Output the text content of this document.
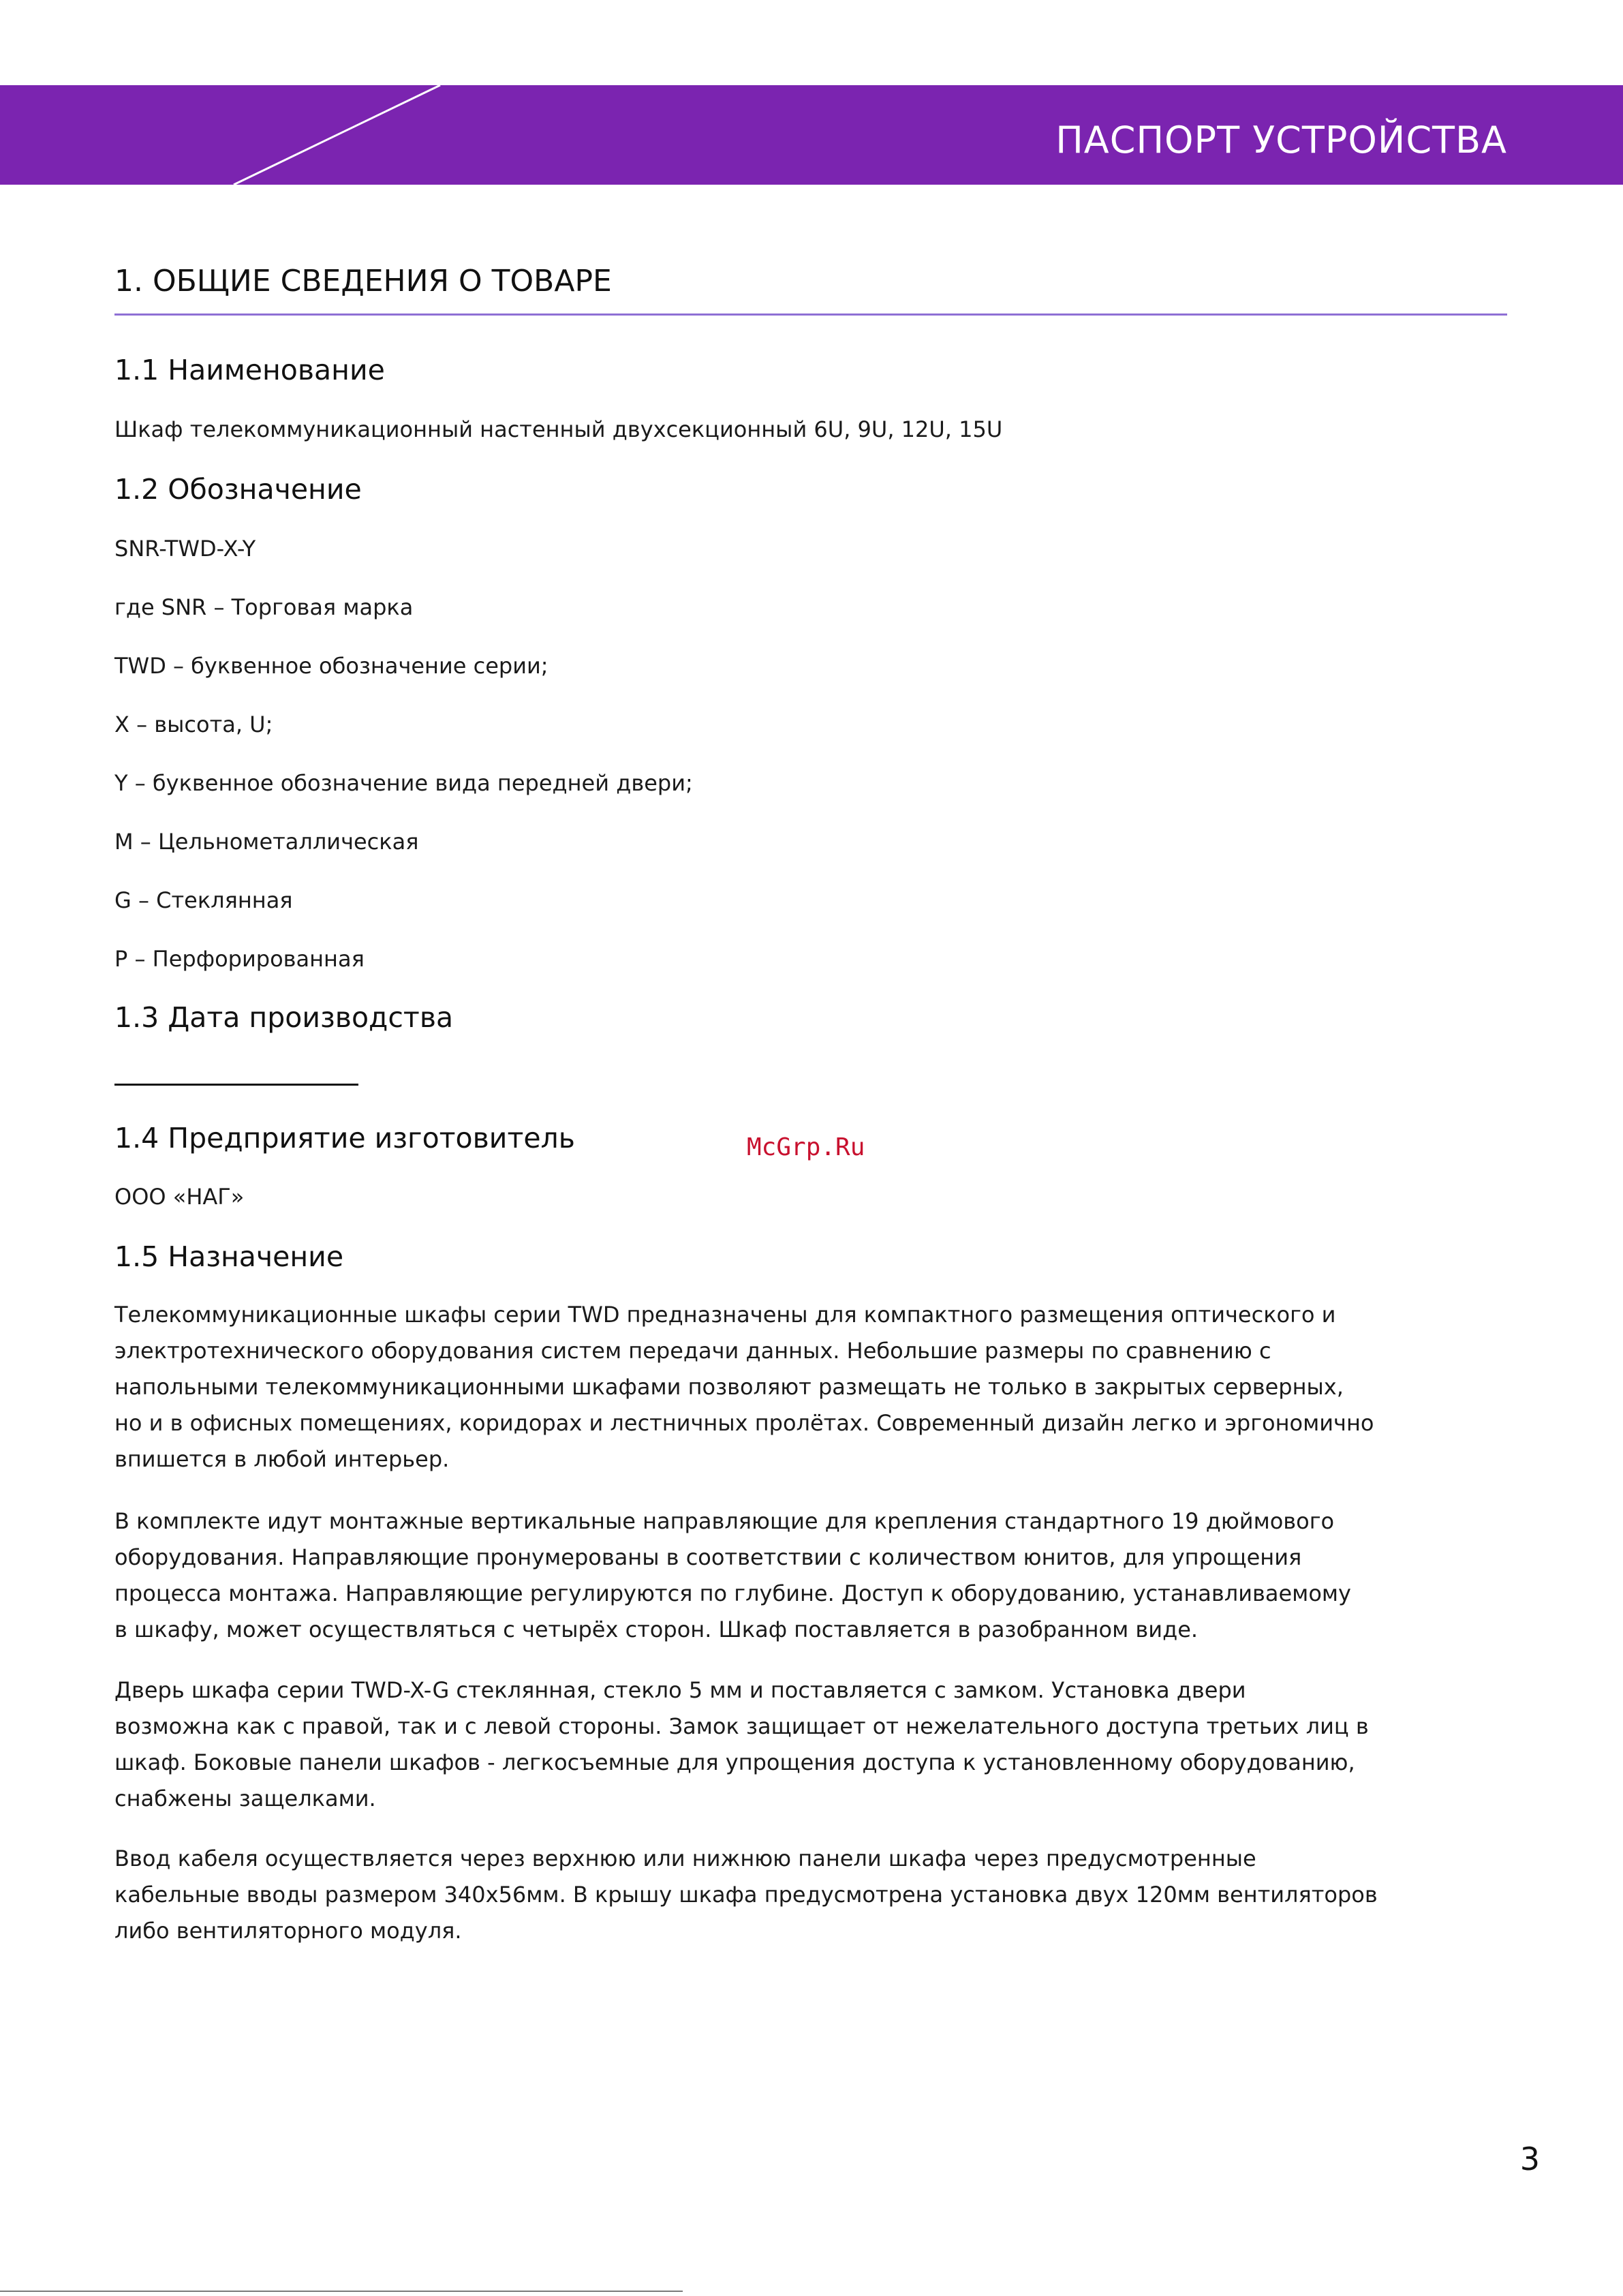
ПАСПОРТ УСТРОЙСТВА
1. ОБЩИЕ СВЕДЕНИЯ О ТОВАРЕ
1.1 Наименование
Шкаф телекоммуникационный настенный двухсекционный 6U, 9U, 12U, 15U
1.2 Обозначение
SNR-TWD-X-Y
где SNR – Торговая марка
TWD – буквенное обозначение серии;
X – высота, U;
Y – буквенное обозначение вида передней двери;
M – Цельнометаллическая
G – Стеклянная
P – Перфорированная
1.3 Дата производства
1.4 Предприятие изготовитель
ООО «НАГ»
McGrp.Ru
1.5 Назначение
Телекоммуникационные шкафы серии TWD предназначены для компактного размещения оптического и
электротехнического оборудования систем передачи данных. Небольшие размеры по сравнению с
напольными телекоммуникационными шкафами позволяют размещать не только в закрытых серверных,
но и в офисных помещениях, коридорах и лестничных пролётах. Современный дизайн легко и эргономично
впишется в любой интерьер.
В комплекте идут монтажные вертикальные направляющие для крепления стандартного 19 дюймового
оборудования. Направляющие пронумерованы в соответствии с количеством юнитов, для упрощения
процесса монтажа. Направляющие регулируются по глубине. Доступ к оборудованию, устанавливаемому
в шкафу, может осуществляться с четырёх сторон. Шкаф поставляется в разобранном виде.
Дверь шкафа серии TWD-X-G стеклянная, стекло 5 мм и поставляется с замком. Установка двери
возможна как с правой, так и с левой стороны. Замок защищает от нежелательного доступа третьих лиц в
шкаф. Боковые панели шкафов - легкосъемные для упрощения доступа к установленному оборудованию,
снабжены защелками.
Ввод кабеля осуществляется через верхнюю или нижнюю панели шкафа через предусмотренные
кабельные вводы размером 340х56мм. В крышу шкафа предусмотрена установка двух 120мм вентиляторов
либо вентиляторного модуля.
3
